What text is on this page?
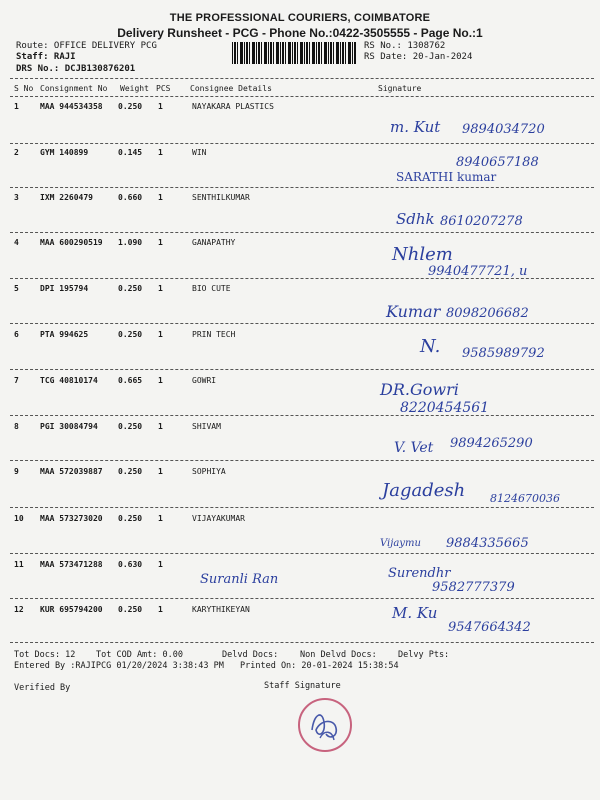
THE PROFESSIONAL COURIERS, COIMBATORE
Delivery Runsheet - PCG - Phone No.:0422-3505555 - Page No.:1
Route: OFFICE DELIVERY PCG
Staff: RAJI
DRS No.: DCJB130876201
RS No.: 1308762
RS Date: 20-Jan-2024
S No Consignment No Weight PCS Consignee Details	Signature
1	MAA 944534358 0.250 1	NAYAKARA PLASTICS
m. Kut 9894034720
2	GYM 140899	0.145 1	WIN
8940657188
SARATHI kumar
3	IXM 2260479	0.660 1	SENTHILKUMAR
Sdhk 8610207278
4	MAA 600290519 1.090 1	GANAPATHY
Nhlem
9940477721, u
5	DPI 195794	0.250 1	BIO CUTE
Kumar 8098206682
6	PTA 994625	0.250 1	PRIN TECH
N. 9585989792
7	TCG 40810174	0.665 1	GOWRI	DR.Gowri
8220454561
8	PGI 30084794	0.250 1	SHIVAM
V. Vet 9894265290
9	MAA 572039887 0.250 1	SOPHIYA
Jagadesh 8124670036
10 MAA 573273020 0.250 1	VIJAYAKUMAR
Vijaymu 9884335665
11 MAA 573471288 0.630 1
Suranli Ran	Surendhr
9582777379
12 KUR 695794200 0.250 1	KARYTHIKEYAN	M. Ku
9547664342
Tot Docs: 12 Tot COD Amt: 0.00	Delvd Docs:	Non Delvd Docs: Delvy Pts:
Entered By :RAJIPCG 01/20/2024 3:38:43 PM Printed On: 20-01-2024 15:38:54
Verified By	Staff Signature
